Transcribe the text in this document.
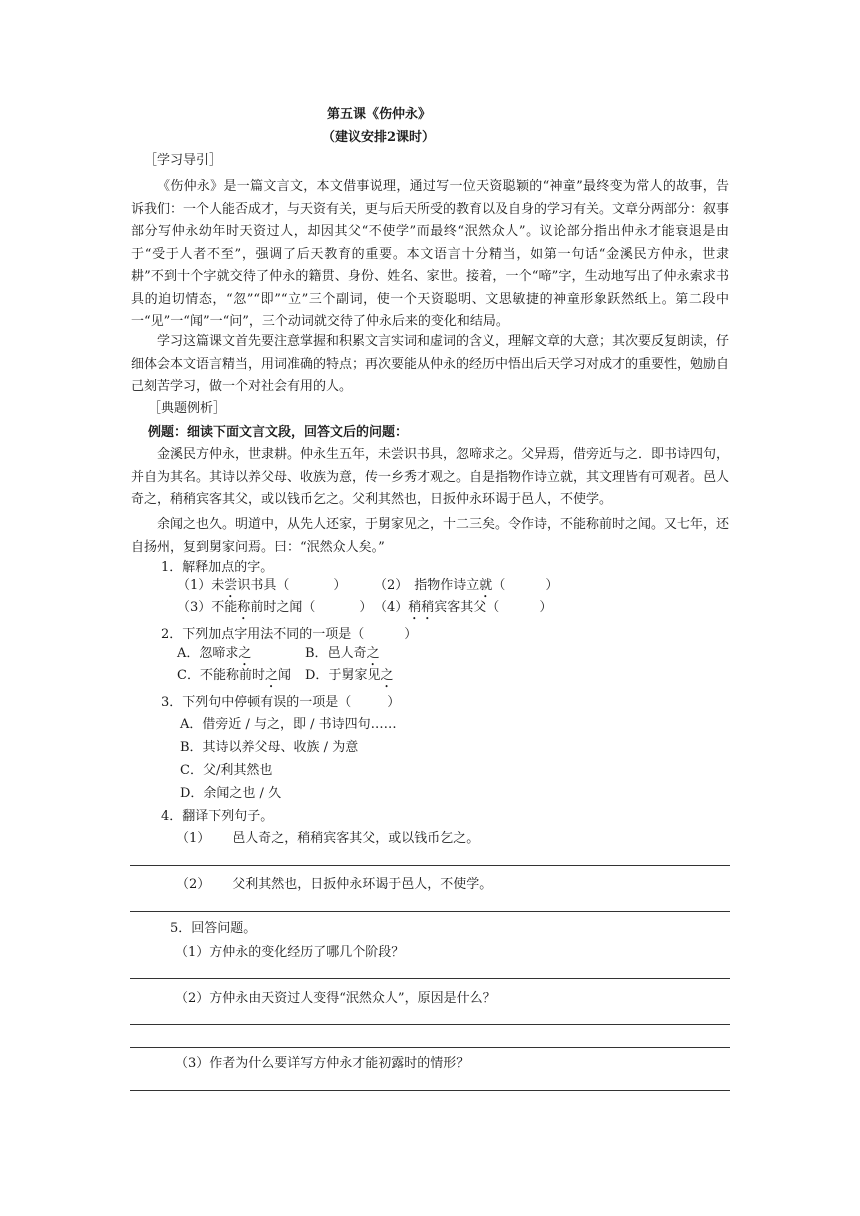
第五课《伤仲永》
（建议安排2课时）
［学习导引］
《伤仲永》是一篇文言文，本文借事说理，通过写一位天资聪颖的“神童”最终变为常人的故事，告诉我们：一个人能否成才，与天资有关，更与后天所受的教育以及自身的学习有关。文章分两部分：叙事部分写仲永幼年时天资过人，却因其父“不使学”而最终“泯然众人”。议论部分指出仲永才能衰退是由于“受于人者不至”，强调了后天教育的重要。本文语言十分精当，如第一句话“金溪民方仲永，世隶耕”不到十个字就交待了仲永的籍贯、身份、姓名、家世。接着，一个“啼”字，生动地写出了仲永索求书具的迫切情态，“忽”“即”“立”三个副词，使一个天资聪明、文思敏捷的神童形象跃然纸上。第二段中一“见”一“闻”一“问”，三个动词就交待了仲永后来的变化和结局。
学习这篇课文首先要注意掌握和积累文言实词和虚词的含义，理解文章的大意；其次要反复朗读，仔细体会本文语言精当，用词准确的特点；再次要能从仲永的经历中悟出后天学习对成才的重要性，勉励自己刻苦学习，做一个对社会有用的人。
［典题例析］
例题：细读下面文言文段，回答文后的问题：
金溪民方仲永，世隶耕。仲永生五年，未尝识书具，忽啼求之。父异焉，借旁近与之．即书诗四句，并自为其名。其诗以养父母、收族为意，传一乡秀才观之。自是指物作诗立就，其文理皆有可观者。邑人奇之，稍稍宾客其父，或以钱币乞之。父利其然也，日扳仲永环谒于邑人，不使学。
余闻之也久。明道中，从先人还家，于舅家见之，十二三矣。令作诗，不能称前时之闻。又七年，还自扬州，复到舅家问焉。曰：“泯然众人矣。”
1．解释加点的字。
（1）未尝识书具（	） （2） 指物作诗立就（	）
（3）不能称前时之闻（	） （4）稍稍宾客其父（	）
2．下列加点字用法不同的一项是（	）
A．忽啼求之	B．邑人奇之
C．不能称前时之闻 D．于舅家见之
3．下列句中停顿有误的一项是（	）
A．借旁近 / 与之，即 / 书诗四句……
B．其诗以养父母、收族 / 为意
C．父/利其然也
D．余闻之也 / 久
4．翻译下列句子。
（1） 邑人奇之，稍稍宾客其父，或以钱币乞之。
（2） 父利其然也，日扳仲永环谒于邑人，不使学。
5．回答问题。
（1）方仲永的变化经历了哪几个阶段？
（2）方仲永由天资过人变得“泯然众人”，原因是什么？
（3）作者为什么要详写方仲永才能初露时的情形？
